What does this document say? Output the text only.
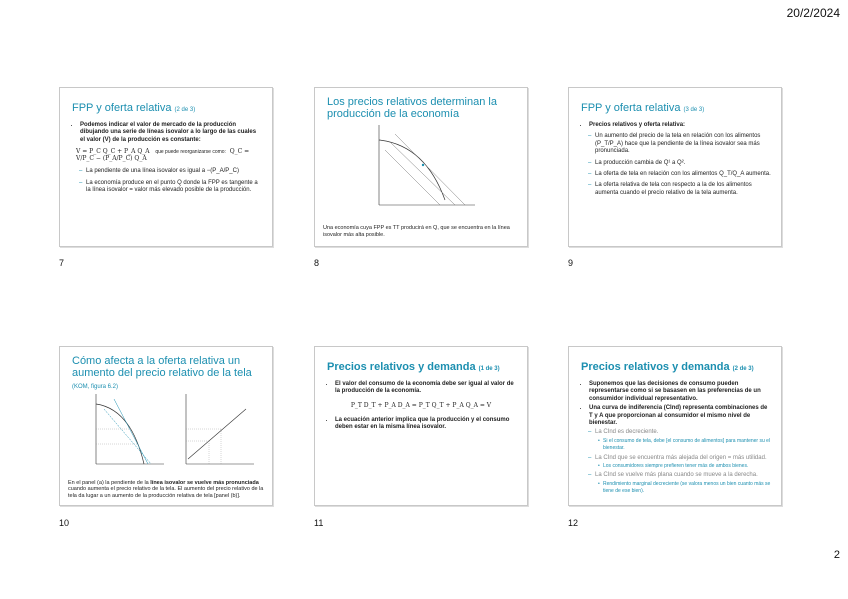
20/2/2024
FPP y oferta relativa (2 de 3)
• Podemos indicar el valor de mercado de la producción dibujando una serie de líneas isovalor a lo largo de las cuales el valor (V) de la producción es constante:
V = P_C Q_C + P_A Q_A que puede reorganizarse como: Q_C = V/P_C − (P_A/P_C) Q_A
– La pendiente de una línea isovalor es igual a −(P_A/P_C)
– La economía produce en el punto Q donde la FPP es tangente a la línea isovalor = valor más elevado posible de la producción.
7
Los precios relativos determinan la producción de la economía
Una economía cuya FPP es TT producirá en Q, que se encuentra en la línea isovalor más alta posible.
8
FPP y oferta relativa (3 de 3)
• Precios relativos y oferta relativa:
– Un aumento del precio de la tela en relación con los alimentos (P_T/P_A) hace que la pendiente de la línea isovalor sea más pronunciada.
– La producción cambia de Q¹ a Q².
– La oferta de tela en relación con los alimentos Q_T/Q_A aumenta.
– La oferta relativa de tela con respecto a la de los alimentos aumenta cuando el precio relativo de la tela aumenta.
9
Cómo afecta a la oferta relativa un aumento del precio relativo de la tela (KOM, figura 6.2)
En el panel (a) la pendiente de la línea isovalor se vuelve más pronunciada cuando aumenta el precio relativo de la tela. El aumento del precio relativo de la tela da lugar a un aumento de la producción relativa de tela [panel (b)].
10
Precios relativos y demanda (1 de 3)
• El valor del consumo de la economía debe ser igual al valor de la producción de la economía.
P_T D_T + P_A D_A = P_T Q_T + P_A Q_A = V
• La ecuación anterior implica que la producción y el consumo deben estar en la misma línea isovalor.
11
Precios relativos y demanda (2 de 3)
• Suponemos que las decisiones de consumo pueden representarse como si se basasen en las preferencias de un consumidor individual representativo.
• Una curva de indiferencia (CInd) representa combinaciones de T y A que proporcionan al consumidor el mismo nivel de bienestar.
– La CInd es decreciente.
• Si el consumo de tela, debe [el consumo de alimentos] para mantener su el bienestar.
– La CInd que se encuentra más alejada del origen = más utilidad.
• Los consumidores siempre prefieren tener más de ambos bienes.
– La CInd se vuelve más plana cuando se mueve a la derecha.
• Rendimiento marginal decreciente (se valora menos un bien cuanto más se tiene de ese bien).
12
2
